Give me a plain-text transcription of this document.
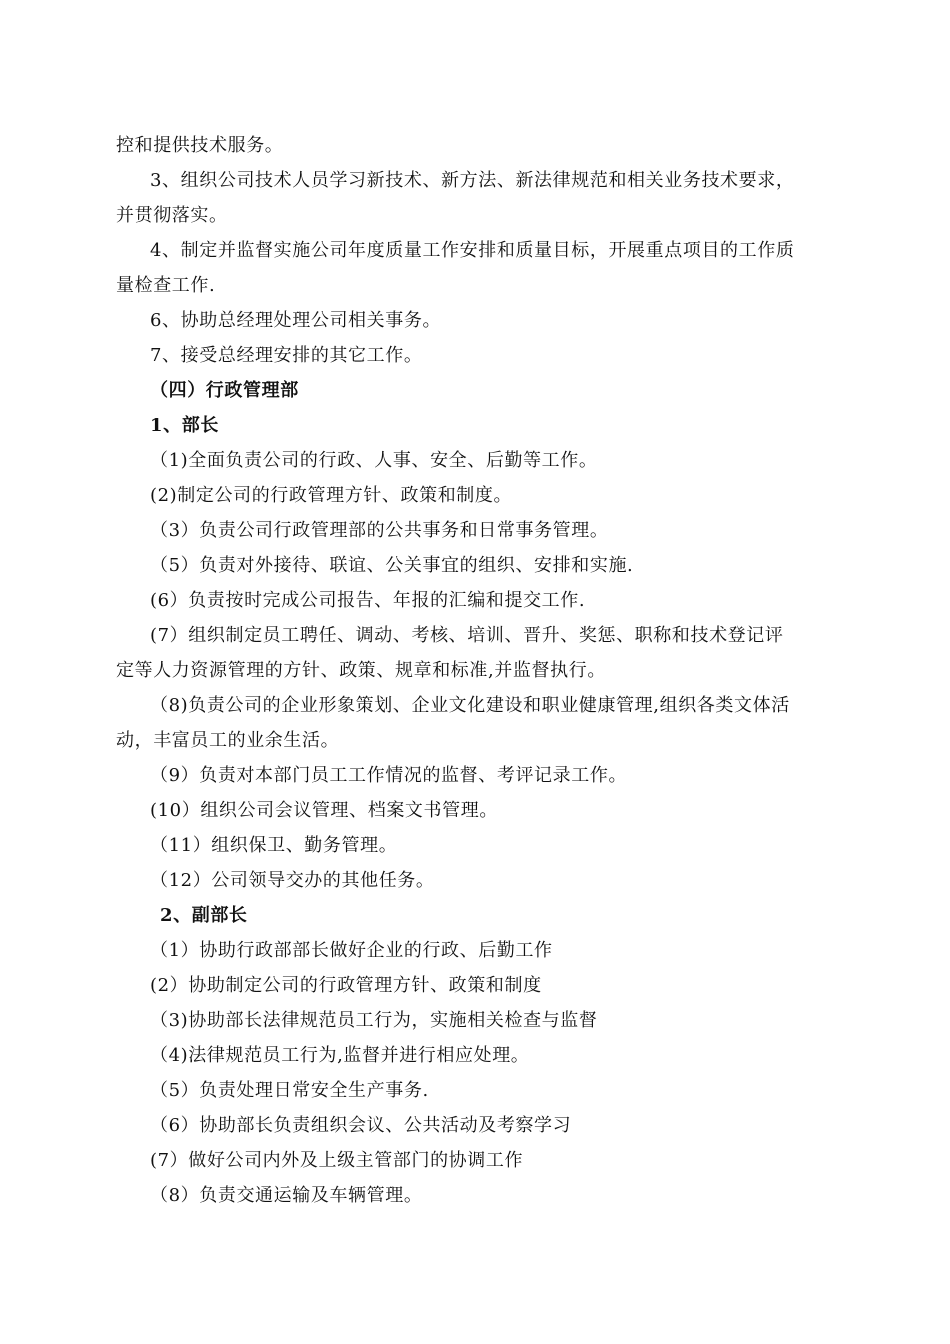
控和提供技术服务。
3、组织公司技术人员学习新技术、新方法、新法律规范和相关业务技术要求，
并贯彻落实。
4、制定并监督实施公司年度质量工作安排和质量目标，开展重点项目的工作质
量检查工作.
6、协助总经理处理公司相关事务。
7、接受总经理安排的其它工作。
（四）行政管理部
1、部长
（1)全面负责公司的行政、人事、安全、后勤等工作。
(2)制定公司的行政管理方针、政策和制度。
（3）负责公司行政管理部的公共事务和日常事务管理。
（5）负责对外接待、联谊、公关事宜的组织、安排和实施.
(6）负责按时完成公司报告、年报的汇编和提交工作.
(7）组织制定员工聘任、调动、考核、培训、晋升、奖惩、职称和技术登记评
定等人力资源管理的方针、政策、规章和标准,并监督执行。
（8)负责公司的企业形象策划、企业文化建设和职业健康管理,组织各类文体活
动，丰富员工的业余生活。
（9）负责对本部门员工工作情况的监督、考评记录工作。
(10）组织公司会议管理、档案文书管理。
（11）组织保卫、勤务管理。
（12）公司领导交办的其他任务。
2、副部长
（1）协助行政部部长做好企业的行政、后勤工作
(2）协助制定公司的行政管理方针、政策和制度
（3)协助部长法律规范员工行为，实施相关检查与监督
（4)法律规范员工行为,监督并进行相应处理。
（5）负责处理日常安全生产事务.
（6）协助部长负责组织会议、公共活动及考察学习
(7）做好公司内外及上级主管部门的协调工作
（8）负责交通运输及车辆管理。
